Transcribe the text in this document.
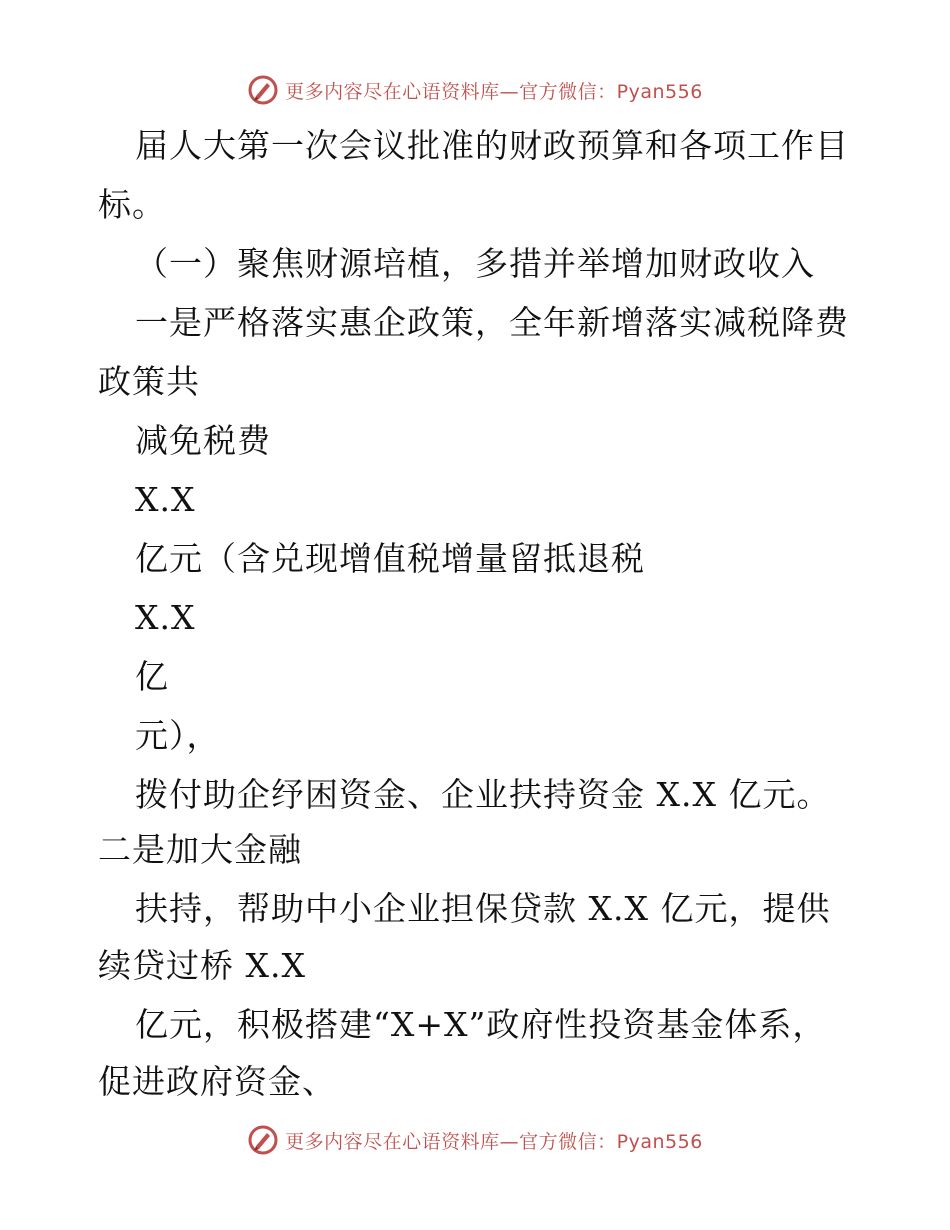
更多内容尽在心语资料库—官方微信：Pyan556
届人大第一次会议批准的财政预算和各项工作目
标。
（一）聚焦财源培植，多措并举增加财政收入
一是严格落实惠企政策，全年新增落实减税降费
政策共
减免税费
X.X
亿元（含兑现增值税增量留抵退税
X.X
亿
元），
拨付助企纾困资金、企业扶持资金 X.X 亿元。
二是加大金融
扶持，帮助中小企业担保贷款 X.X 亿元，提供
续贷过桥 X.X
亿元，积极搭建“X+X”政府性投资基金体系，
促进政府资金、
更多内容尽在心语资料库—官方微信：Pyan556
